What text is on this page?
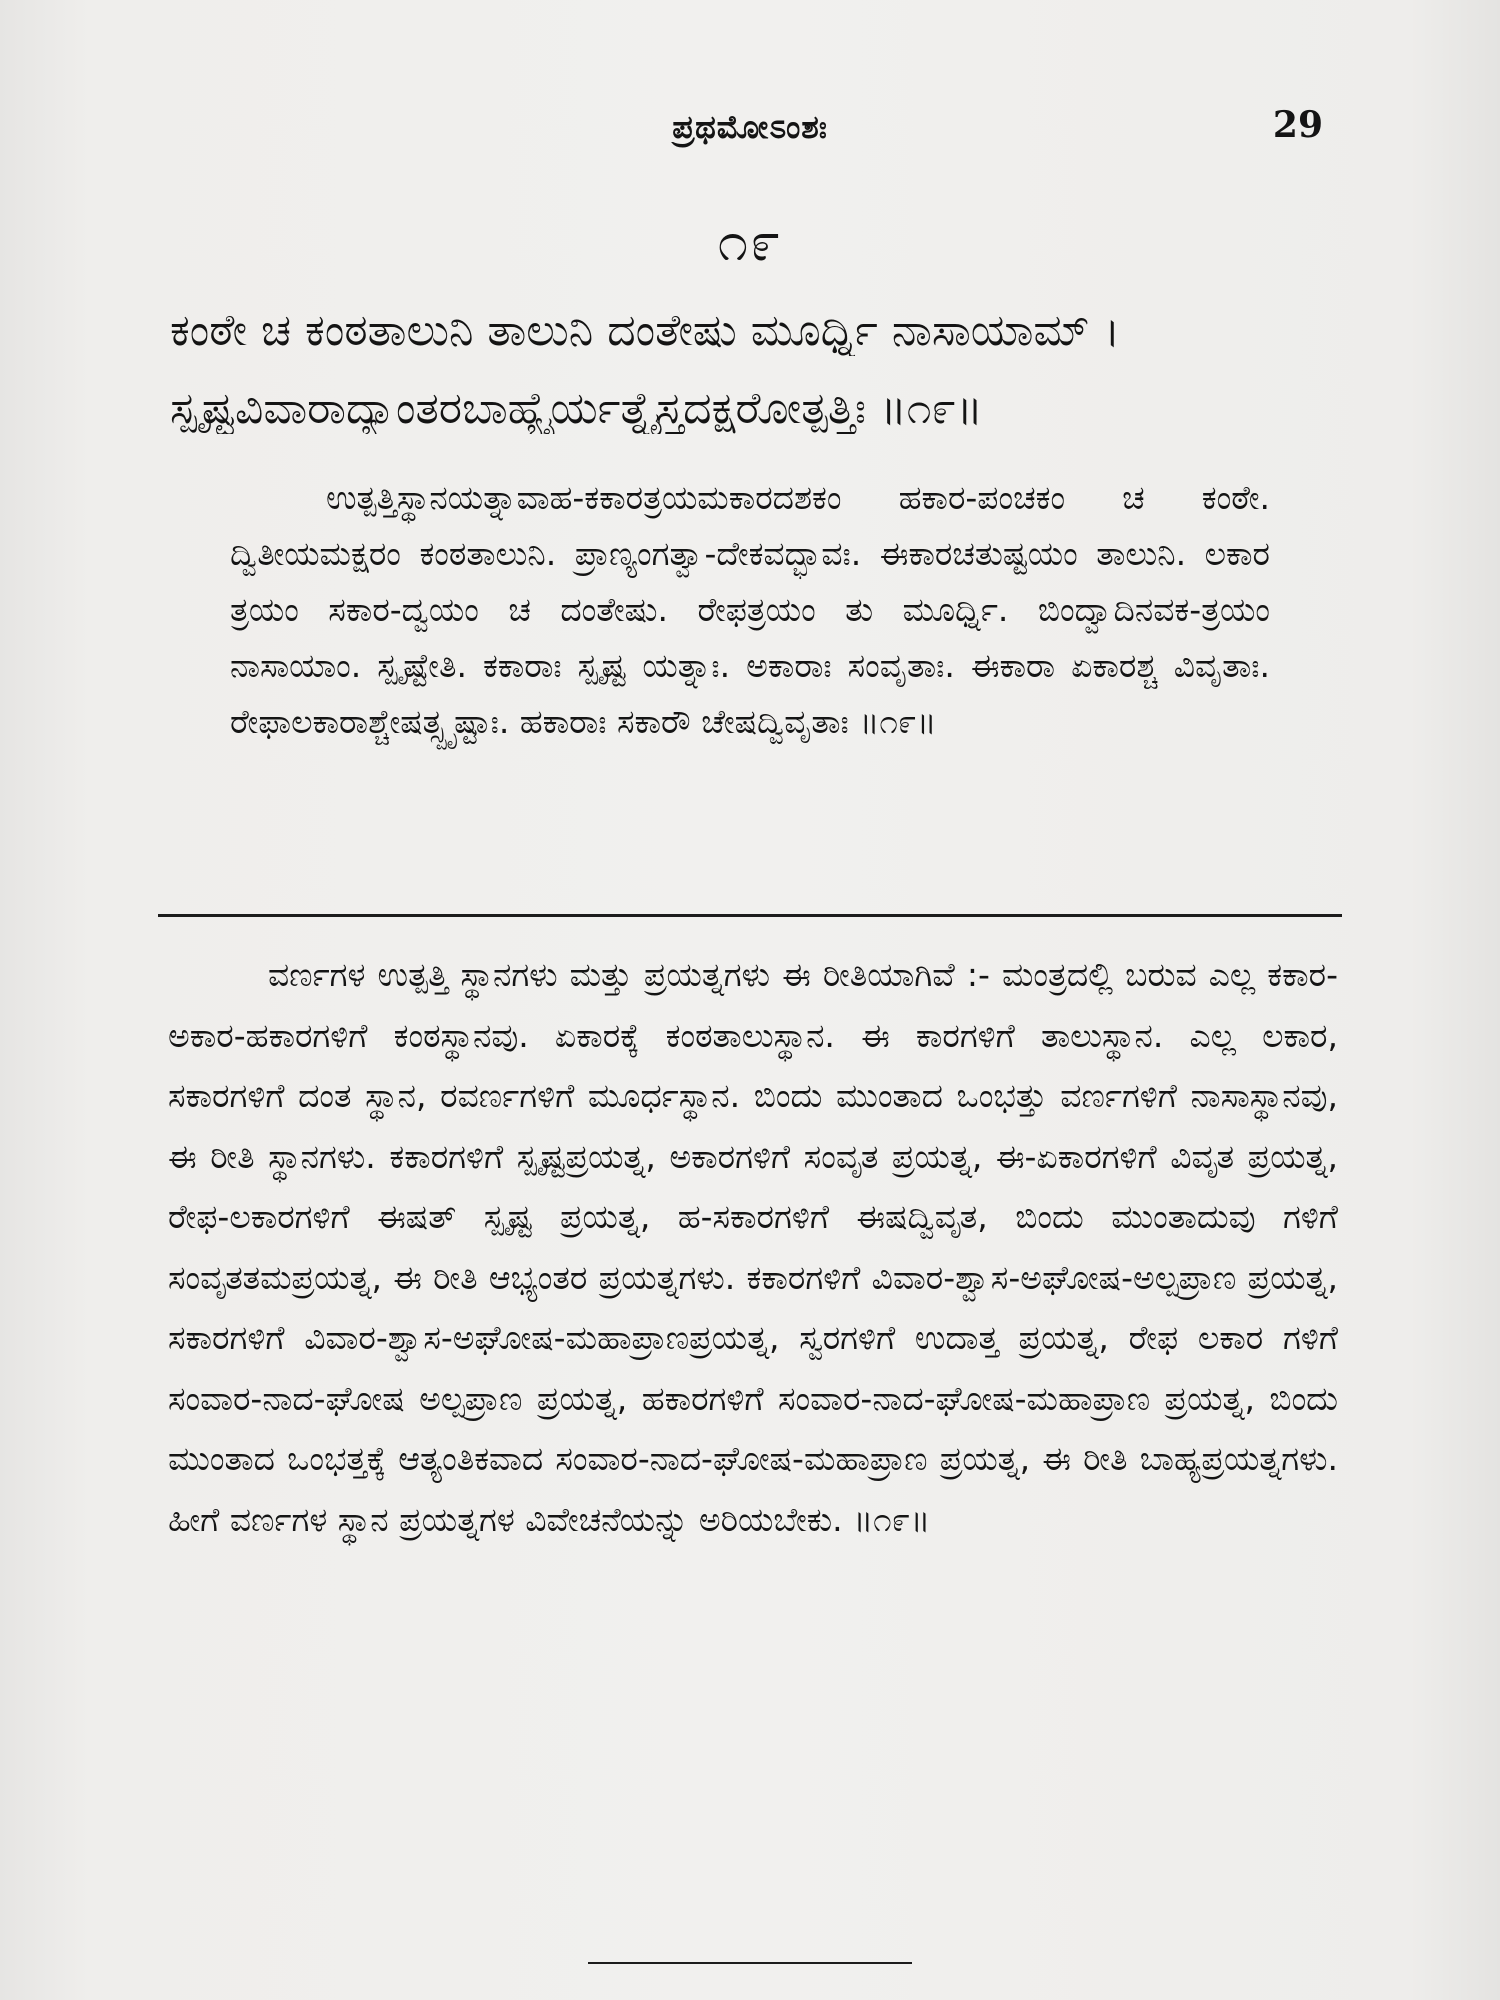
ಪ್ರಥಮೋಽಂಶಃ	29
೧೯
ಕಂಠೇ ಚ ಕಂಠತಾಲುನಿ ತಾಲುನಿ ದಂತೇಷು ಮೂರ್ಧ್ನಿ ನಾಸಾಯಾಮ್ ।
ಸ್ಪೃಷ್ಟವಿವಾರಾದ್ಯಾಂತರಬಾಹ್ಯೈರ್ಯತ್ನೈಸ್ತದಕ್ಷರೋತ್ಪತ್ತಿಃ ॥೧೯॥

ಉತ್ಪತ್ತಿಸ್ಥಾನಯತ್ನಾವಾಹ-ಕಕಾರತ್ರಯಮಕಾರದಶಕಂ ಹಕಾರ-ಪಂಚಕಂ ಚ ಕಂಠೇ. ದ್ವಿತೀಯಮಕ್ಷರಂ ಕಂಠತಾಲುನಿ. ಪ್ರಾಣ್ಯಂಗತ್ವಾ-ದೇಕವದ್ಭಾವಃ. ಈಕಾರಚತುಷ್ಟಯಂ ತಾಲುನಿ. ಲಕಾರ ತ್ರಯಂ ಸಕಾರ-ದ್ವಯಂ ಚ ದಂತೇಷು. ರೇಫತ್ರಯಂ ತು ಮೂರ್ಧ್ನಿ. ಬಿಂದ್ವಾದಿನವಕ-ತ್ರಯಂ ನಾಸಾಯಾಂ. ಸ್ಪೃಷ್ಟೇತಿ. ಕಕಾರಾಃ ಸ್ಪೃಷ್ಟ ಯತ್ನಾಃ. ಅಕಾರಾಃ ಸಂವೃತಾಃ. ಈಕಾರಾ ಏಕಾರಶ್ಚ ವಿವೃತಾಃ. ರೇಫಾಲಕಾರಾಶ್ಚೇಷತ್ಸ್ಪೃಷ್ಟಾಃ. ಹಕಾರಾಃ ಸಕಾರೌ ಚೇಷದ್ವಿವೃತಾಃ ॥೧೯॥

ವರ್ಣಗಳ ಉತ್ಪತ್ತಿ ಸ್ಥಾನಗಳು ಮತ್ತು ಪ್ರಯತ್ನಗಳು ಈ ರೀತಿಯಾಗಿವೆ :- ಮಂತ್ರದಲ್ಲಿ ಬರುವ ಎಲ್ಲ ಕಕಾರ-ಅಕಾರ-ಹಕಾರಗಳಿಗೆ ಕಂಠಸ್ಥಾನವು. ಏಕಾರಕ್ಕೆ ಕಂಠತಾಲುಸ್ಥಾನ. ಈ ಕಾರಗಳಿಗೆ ತಾಲುಸ್ಥಾನ. ಎಲ್ಲ ಲಕಾರ, ಸಕಾರಗಳಿಗೆ ದಂತ ಸ್ಥಾನ, ರವರ್ಣಗಳಿಗೆ ಮೂರ್ಧಸ್ಥಾನ. ಬಿಂದು ಮುಂತಾದ ಒಂಭತ್ತು ವರ್ಣಗಳಿಗೆ ನಾಸಾಸ್ಥಾನವು, ಈ ರೀತಿ ಸ್ಥಾನಗಳು. ಕಕಾರಗಳಿಗೆ ಸ್ಪೃಷ್ಟಪ್ರಯತ್ನ, ಅಕಾರಗಳಿಗೆ ಸಂವೃತ ಪ್ರಯತ್ನ, ಈ-ಏಕಾರಗಳಿಗೆ ವಿವೃತ ಪ್ರಯತ್ನ, ರೇಫ-ಲಕಾರಗಳಿಗೆ ಈಷತ್ ಸ್ಪೃಷ್ಟ ಪ್ರಯತ್ನ, ಹ-ಸಕಾರಗಳಿಗೆ ಈಷದ್ವಿವೃತ, ಬಿಂದು ಮುಂತಾದುವು ಗಳಿಗೆ ಸಂವೃತತಮಪ್ರಯತ್ನ, ಈ ರೀತಿ ಆಭ್ಯಂತರ ಪ್ರಯತ್ನಗಳು. ಕಕಾರಗಳಿಗೆ ವಿವಾರ-ಶ್ವಾಸ-ಅಘೋಷ-ಅಲ್ಪಪ್ರಾಣ ಪ್ರಯತ್ನ, ಸಕಾರಗಳಿಗೆ ವಿವಾರ-ಶ್ವಾಸ-ಅಘೋಷ-ಮಹಾಪ್ರಾಣಪ್ರಯತ್ನ, ಸ್ವರಗಳಿಗೆ ಉದಾತ್ತ ಪ್ರಯತ್ನ, ರೇಫ ಲಕಾರ ಗಳಿಗೆ ಸಂವಾರ-ನಾದ-ಘೋಷ ಅಲ್ಪಪ್ರಾಣ ಪ್ರಯತ್ನ, ಹಕಾರಗಳಿಗೆ ಸಂವಾರ-ನಾದ-ಘೋಷ-ಮಹಾಪ್ರಾಣ ಪ್ರಯತ್ನ, ಬಿಂದು ಮುಂತಾದ ಒಂಭತ್ತಕ್ಕೆ ಆತ್ಯಂತಿಕವಾದ ಸಂವಾರ-ನಾದ-ಘೋಷ-ಮಹಾಪ್ರಾಣ ಪ್ರಯತ್ನ, ಈ ರೀತಿ ಬಾಹ್ಯಪ್ರಯತ್ನಗಳು. ಹೀಗೆ ವರ್ಣಗಳ ಸ್ಥಾನ ಪ್ರಯತ್ನಗಳ ವಿವೇಚನೆಯನ್ನು ಅರಿಯಬೇಕು. ॥೧೯॥
